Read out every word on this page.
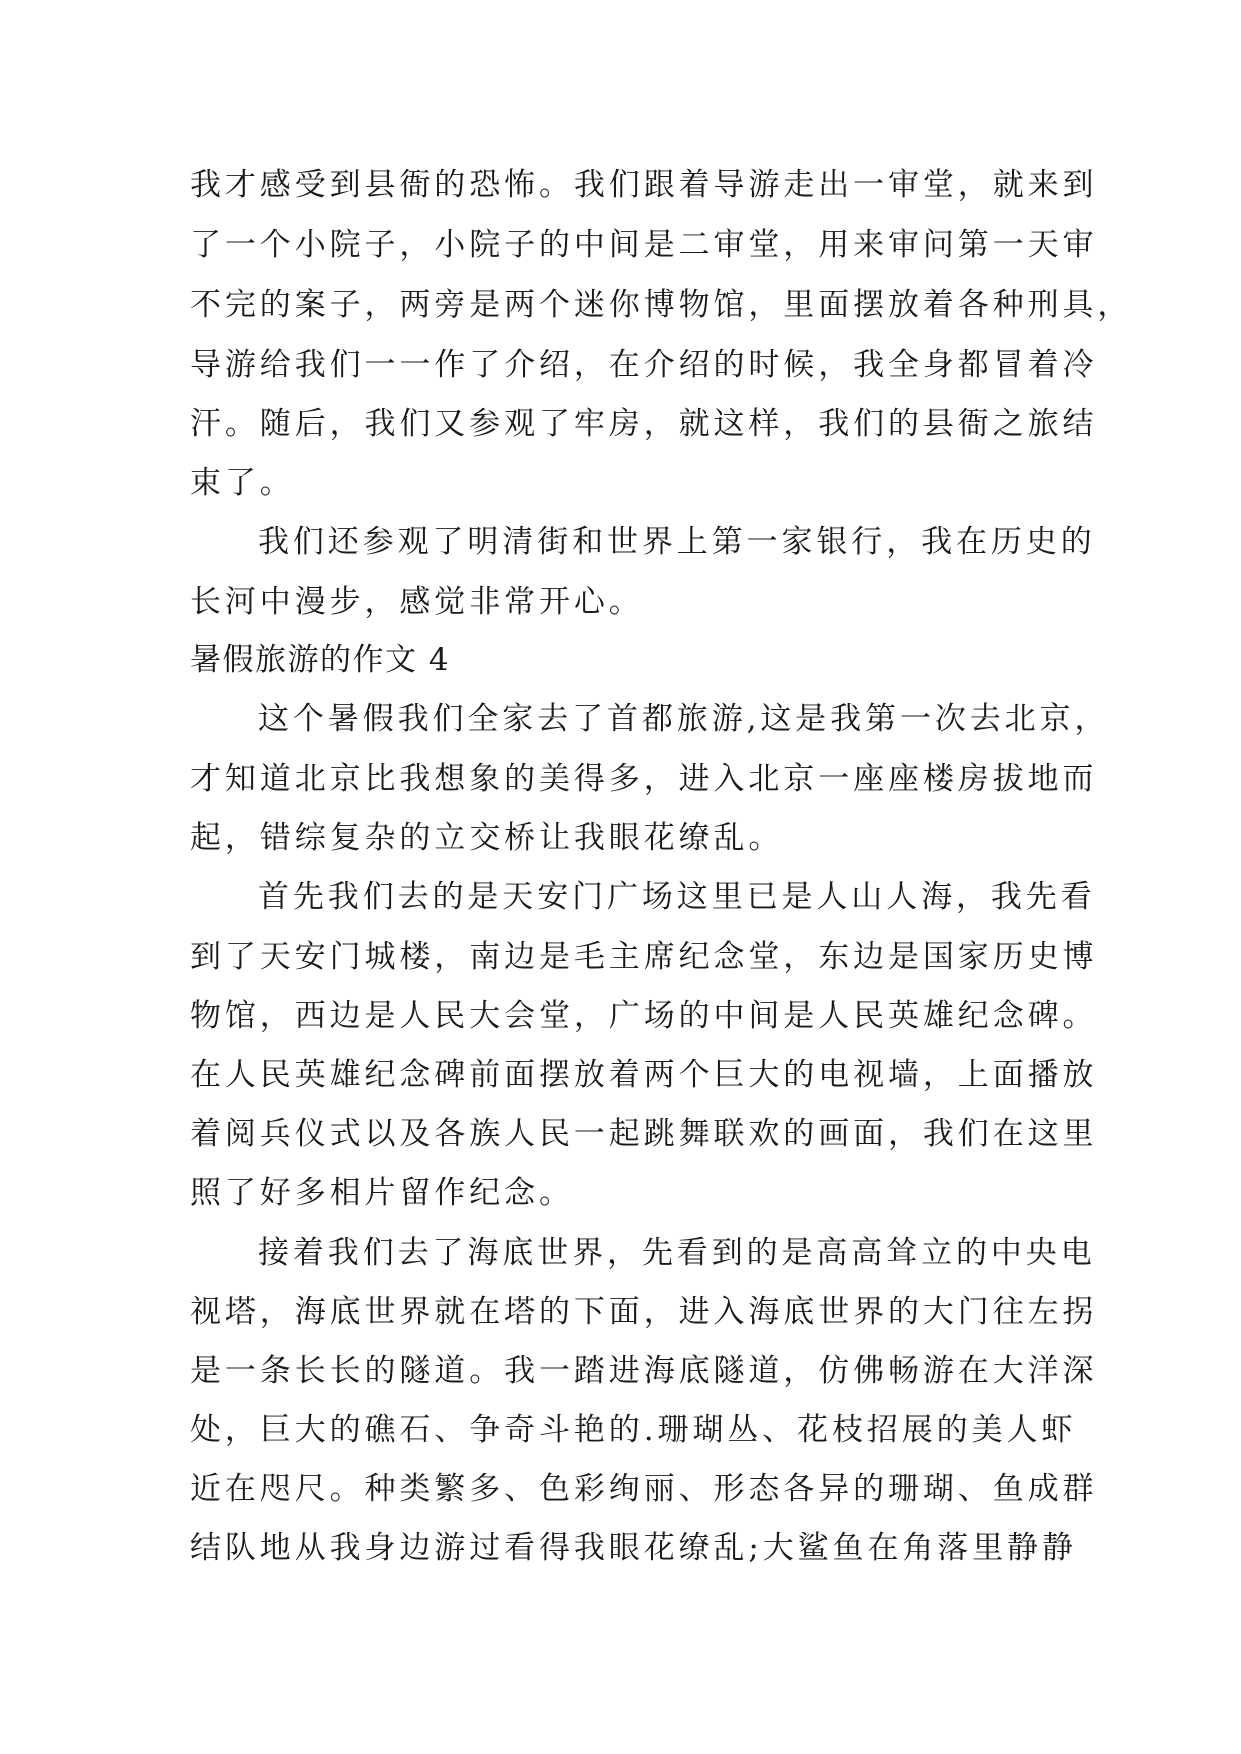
我才感受到县衙的恐怖。我们跟着导游走出一审堂，就来到

了一个小院子，小院子的中间是二审堂，用来审问第一天审

不完的案子，两旁是两个迷你博物馆，里面摆放着各种刑具，

导游给我们一一作了介绍，在介绍的时候，我全身都冒着冷

汗。随后，我们又参观了牢房，就这样，我们的县衙之旅结

束了。

我们还参观了明清街和世界上第一家银行，我在历史的

长河中漫步，感觉非常开心。

暑假旅游的作文 4

这个暑假我们全家去了首都旅游,这是我第一次去北京，

才知道北京比我想象的美得多，进入北京一座座楼房拔地而

起，错综复杂的立交桥让我眼花缭乱。

首先我们去的是天安门广场这里已是人山人海，我先看

到了天安门城楼，南边是毛主席纪念堂，东边是国家历史博

物馆，西边是人民大会堂，广场的中间是人民英雄纪念碑。

在人民英雄纪念碑前面摆放着两个巨大的电视墙，上面播放

着阅兵仪式以及各族人民一起跳舞联欢的画面，我们在这里

照了好多相片留作纪念。

接着我们去了海底世界，先看到的是高高耸立的中央电

视塔，海底世界就在塔的下面，进入海底世界的大门往左拐

是一条长长的隧道。我一踏进海底隧道，仿佛畅游在大洋深

处，巨大的礁石、争奇斗艳的.珊瑚丛、花枝招展的美人虾

近在咫尺。种类繁多、色彩绚丽、形态各异的珊瑚、鱼成群

结队地从我身边游过看得我眼花缭乱;大鲨鱼在角落里静静
